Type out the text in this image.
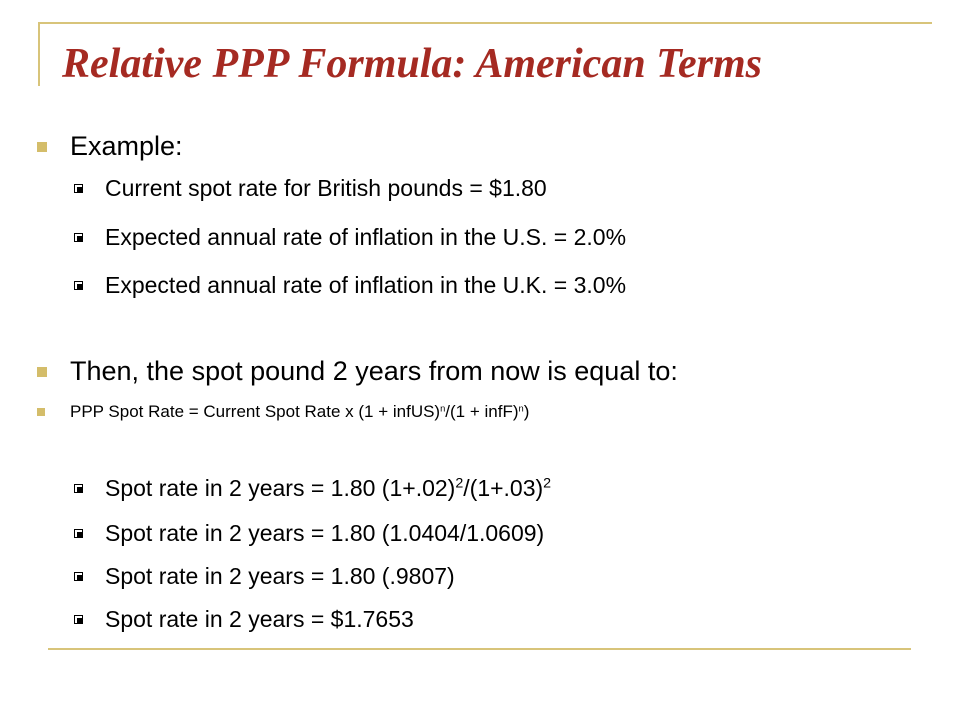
Relative PPP Formula: American Terms
Example:
Current spot rate for British pounds = $1.80
Expected annual rate of inflation in the U.S. = 2.0%
Expected annual rate of inflation in the U.K. = 3.0%
Then, the spot pound 2 years from now is equal to:
PPP Spot Rate = Current Spot Rate x (1 + infUS)$^n$/(1 + infF)$^n$)
Spot rate in 2 years = 1.80 $(1+.02)^2/(1+.03)^2$
Spot rate in 2 years = 1.80 (1.0404/1.0609)
Spot rate in 2 years = 1.80 (.9807)
Spot rate in 2 years = $1.7653
